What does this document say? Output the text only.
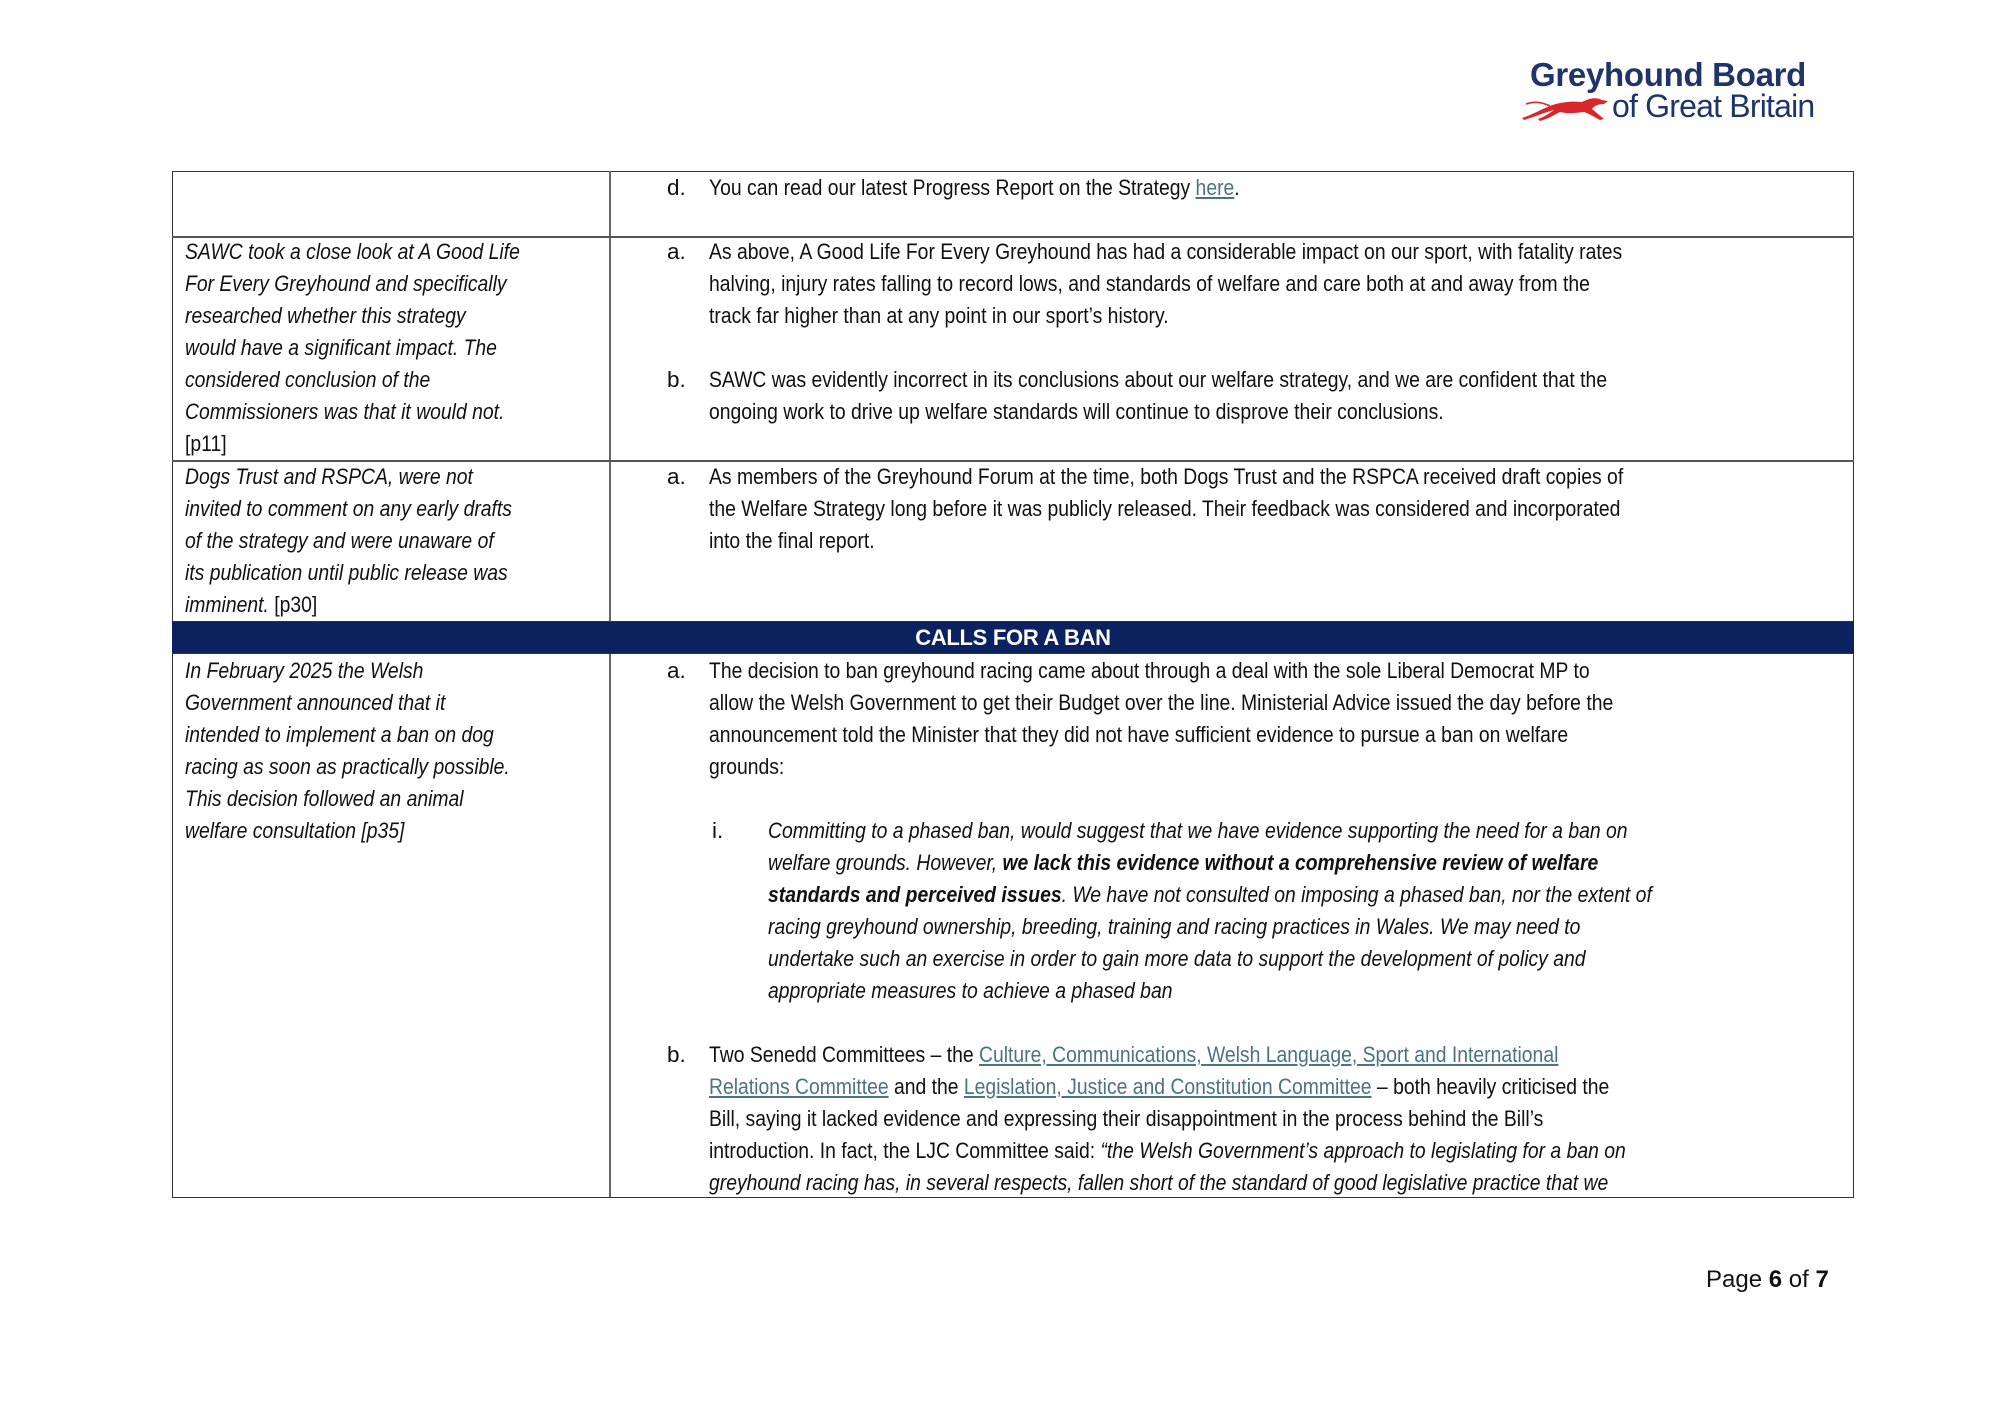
Greyhound Board
of Great Britain
CALLS FOR A BAN
d. You can read our latest Progress Report on the Strategy here.
SAWC took a close look at A Good Life
For Every Greyhound and specifically
researched whether this strategy
would have a significant impact. The
considered conclusion of the
Commissioners was that it would not.
[p11]
a. As above, A Good Life For Every Greyhound has had a considerable impact on our sport, with fatality rates
halving, injury rates falling to record lows, and standards of welfare and care both at and away from the
track far higher than at any point in our sport’s history.
b. SAWC was evidently incorrect in its conclusions about our welfare strategy, and we are confident that the
ongoing work to drive up welfare standards will continue to disprove their conclusions.
Dogs Trust and RSPCA, were not
invited to comment on any early drafts
of the strategy and were unaware of
its publication until public release was
imminent. [p30]
a. As members of the Greyhound Forum at the time, both Dogs Trust and the RSPCA received draft copies of
the Welfare Strategy long before it was publicly released. Their feedback was considered and incorporated
into the final report.
In February 2025 the Welsh
Government announced that it
intended to implement a ban on dog
racing as soon as practically possible.
This decision followed an animal
welfare consultation [p35]
a. The decision to ban greyhound racing came about through a deal with the sole Liberal Democrat MP to
allow the Welsh Government to get their Budget over the line. Ministerial Advice issued the day before the
announcement told the Minister that they did not have sufficient evidence to pursue a ban on welfare
grounds:
i. Committing to a phased ban, would suggest that we have evidence supporting the need for a ban on
welfare grounds. However, we lack this evidence without a comprehensive review of welfare
standards and perceived issues. We have not consulted on imposing a phased ban, nor the extent of
racing greyhound ownership, breeding, training and racing practices in Wales. We may need to
undertake such an exercise in order to gain more data to support the development of policy and
appropriate measures to achieve a phased ban
b. Two Senedd Committees – the Culture, Communications, Welsh Language, Sport and International
Relations Committee and the Legislation, Justice and Constitution Committee – both heavily criticised the
Bill, saying it lacked evidence and expressing their disappointment in the process behind the Bill’s
introduction. In fact, the LJC Committee said: “the Welsh Government’s approach to legislating for a ban on
greyhound racing has, in several respects, fallen short of the standard of good legislative practice that we
Page 6 of 7
